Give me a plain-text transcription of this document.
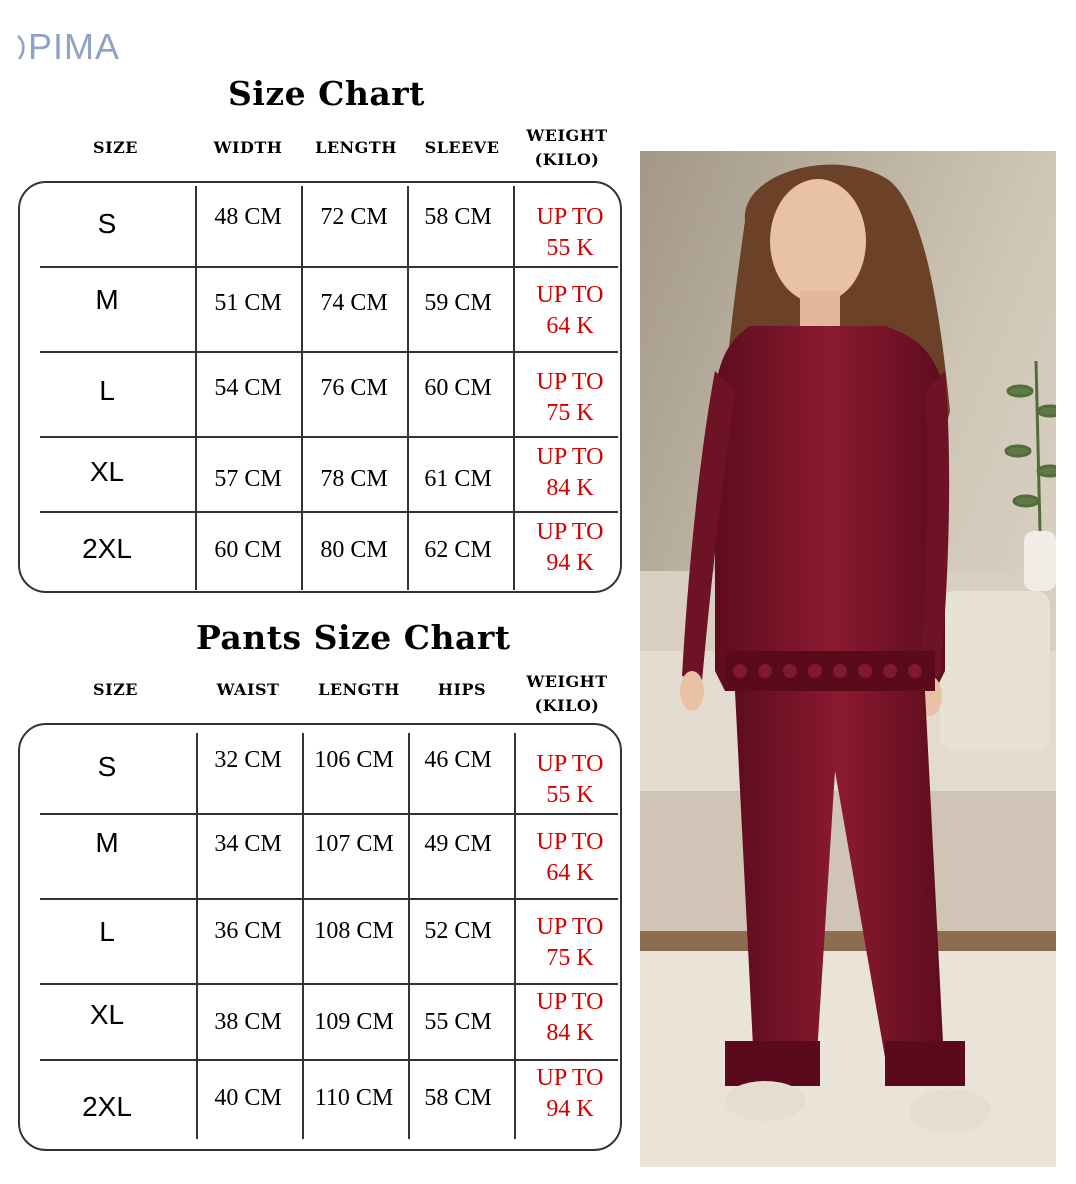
PIMA
Size Chart
SIZE	WIDTH	LENGTH	SLEEVE
WEIGHT
(KILO)
S	48 CM	72 CM	58 CM	UP TO
55 K
M	51 CM	74 CM	59 CM	UP TO
64 K
L	54 CM	76 CM	60 CM	UP TO
75 K
XL	57 CM	78 CM	61 CM
UP TO
84 K
2XL	60 CM	80 CM	62 CM
UP TO
94 K
Pants Size Chart
SIZE	WAIST	LENGTH	HIPS	WEIGHT
(KILO)
S	32 CM	106 CM	46 CM	UP TO
55 K
M	34 CM	107 CM	49 CM	UP TO
64 K
L	36 CM	108 CM	52 CM	UP TO
75 K
XL	38 CM	109 CM	55 CM
UP TO
84 K
2XL	40 CM	110 CM	58 CM
UP TO
94 K
